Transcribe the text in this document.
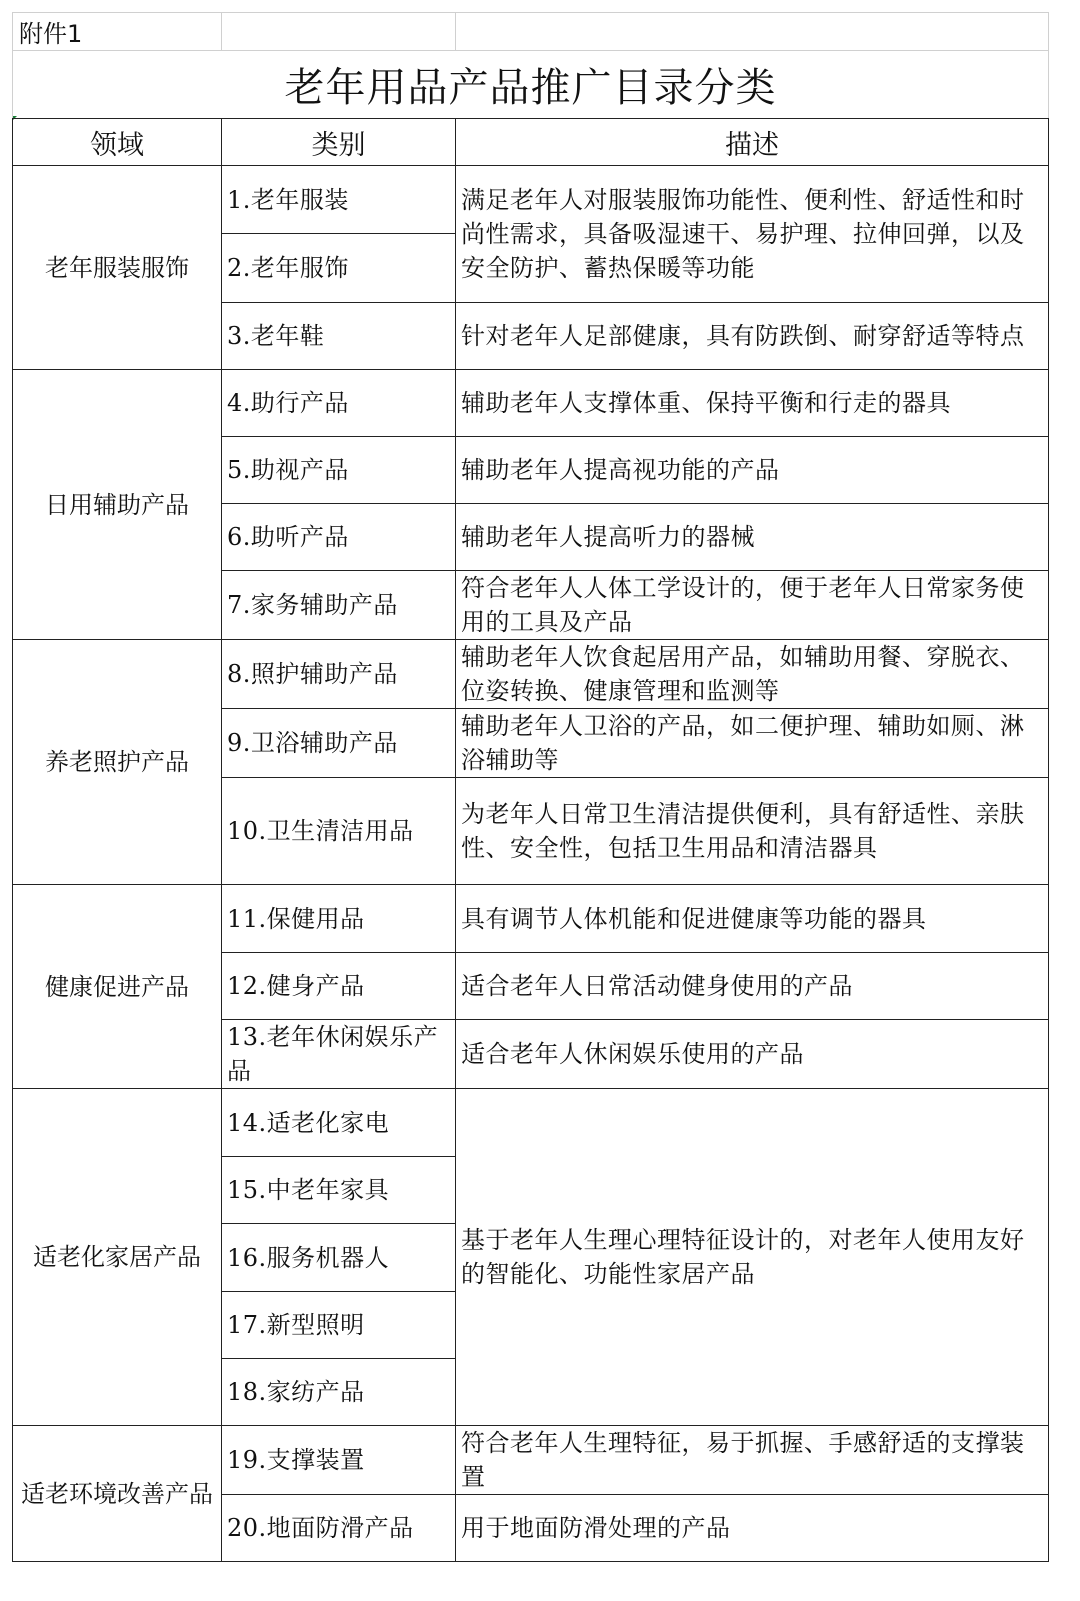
附件1		
老年用品产品推广目录分类		
领域	类别	描述
老年服装服饰	1.老年服装	满足老年人对服装服饰功能性、便利性、舒适性和时尚性需求，具备吸湿速干、易护理、拉伸回弹，以及安全防护、蓄热保暖等功能
	2.老年服饰	
	3.老年鞋	针对老年人足部健康，具有防跌倒、耐穿舒适等特点
日用辅助产品	4.助行产品	辅助老年人支撑体重、保持平衡和行走的器具
	5.助视产品	辅助老年人提高视功能的产品
	6.助听产品	辅助老年人提高听力的器械
	7.家务辅助产品	符合老年人人体工学设计的，便于老年人日常家务使用的工具及产品
养老照护产品	8.照护辅助产品	辅助老年人饮食起居用产品，如辅助用餐、穿脱衣、位姿转换、健康管理和监测等
	9.卫浴辅助产品	辅助老年人卫浴的产品，如二便护理、辅助如厕、淋浴辅助等
	10.卫生清洁用品	为老年人日常卫生清洁提供便利，具有舒适性、亲肤性、安全性，包括卫生用品和清洁器具
健康促进产品	11.保健用品	具有调节人体机能和促进健康等功能的器具
	12.健身产品	适合老年人日常活动健身使用的产品
	13.老年休闲娱乐产品	适合老年人休闲娱乐使用的产品
适老化家居产品	14.适老化家电	基于老年人生理心理特征设计的，对老年人使用友好的智能化、功能性家居产品
	15.中老年家具	
	16.服务机器人	
	17.新型照明	
	18.家纺产品	
适老环境改善产品	19.支撑装置	符合老年人生理特征，易于抓握、手感舒适的支撑装置
	20.地面防滑产品	用于地面防滑处理的产品
